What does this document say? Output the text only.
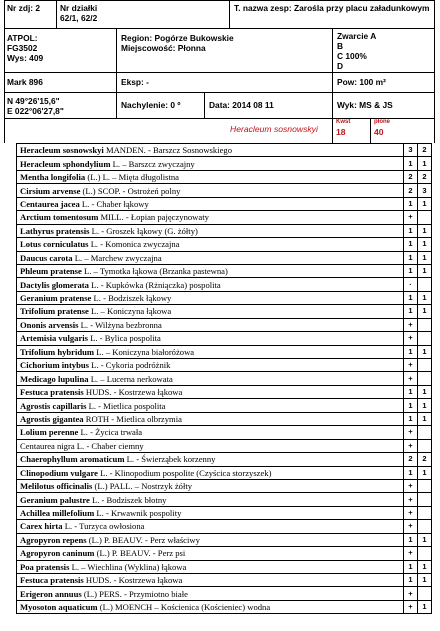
Nr zdj: 2 Nr działki
62/1, 62/2
T. nazwa zesp: Zarośla przy placu załadunkowym
ATPOL:
FG3502
Wys: 409
Region: Pogórze Bukowskie
Miejscowość: Płonna
Zwarcie A
B
C 100%
D
Mark 896	Eksp: -	Pow: 100 m²
N 49°26'15,6"
E 022°06'27,8"
Nachylenie: 0 º	Data: 2014 08 11	Wyk: MS & JS
Heracleum sosnowskyi
Kwst
18
płone
40
Heracleum sosnowskyi MANDEN. - Barszcz Sosnowskiego	3	2
Heracleum sphondylium L. – Barszcz zwyczajny	1	1
Mentha longifolia (L.) L. – Mięta długolistna	2	2
Cirsium arvense (L.) SCOP. - Ostrożeń polny	2	3
Centaurea jacea L. - Chaber łąkowy	1	1
Arctium tomentosum MILL. - Łopian pajęczynowaty	+	
Lathyrus pratensis L. - Groszek łąkowy (G. żółty)	1	1
Lotus corniculatus L. - Komonica zwyczajna	1	1
Daucus carota L. – Marchew zwyczajna	1	1
Phleum pratense L. – Tymotka łąkowa (Brzanka pastewna)	1	1
Dactylis glomerata L. - Kupkówka (Rżniączka) pospolita	·	
Geranium pratense L. - Bodziszek łąkowy	1	1
Trifolium pratense L. – Koniczyna łąkowa	1	1
Ononis arvensis L. - Wilżyna bezbronna	+	
Artemisia vulgaris L. - Bylica pospolita	+	
Trifolium hybridum L. – Koniczyna białoróżowa	1	1
Cichorium intybus L. - Cykoria podróżnik	+	
Medicago lupulina L. – Lucerna nerkowata	+	
Festuca pratensis HUDS. - Kostrzewa łąkowa	1	1
Agrostis capillaris L. - Mietlica pospolita	1	1
Agrostis gigantea ROTH - Mietlica olbrzymia	1	1
Lolium perenne L. - Życica trwała	+	
Centaurea nigra L. - Chaber ciemny	+	
Chaerophyllum aromaticum L. - Świerząbek korzenny	2	2
Clinopodium vulgare L. - Klinopodium pospolite (Czyścica storzyszek)	1	1
Melilotus officinalis (L.) PALL. – Nostrzyk żółty	+	
Geranium palustre L. - Bodziszek błotny	+	
Achillea millefolium L. - Krwawnik pospolity	+	
Carex hirta L. - Turzyca owłosiona	+	
Agropyron repens (L.) P. BEAUV. - Perz właściwy	1	1
Agropyron caninum (L.) P. BEAUV. - Perz psi	+	
Poa pratensis L. – Wiechlina (Wyklina) łąkowa	1	1
Festuca pratensis HUDS. - Kostrzewa łąkowa	1	1
Erigeron annuus (L.) PERS. - Przymiotno białe	+	
Myosoton aquaticum (L.) MOENCH – Kościenica (Kościeniec) wodna	+	1
